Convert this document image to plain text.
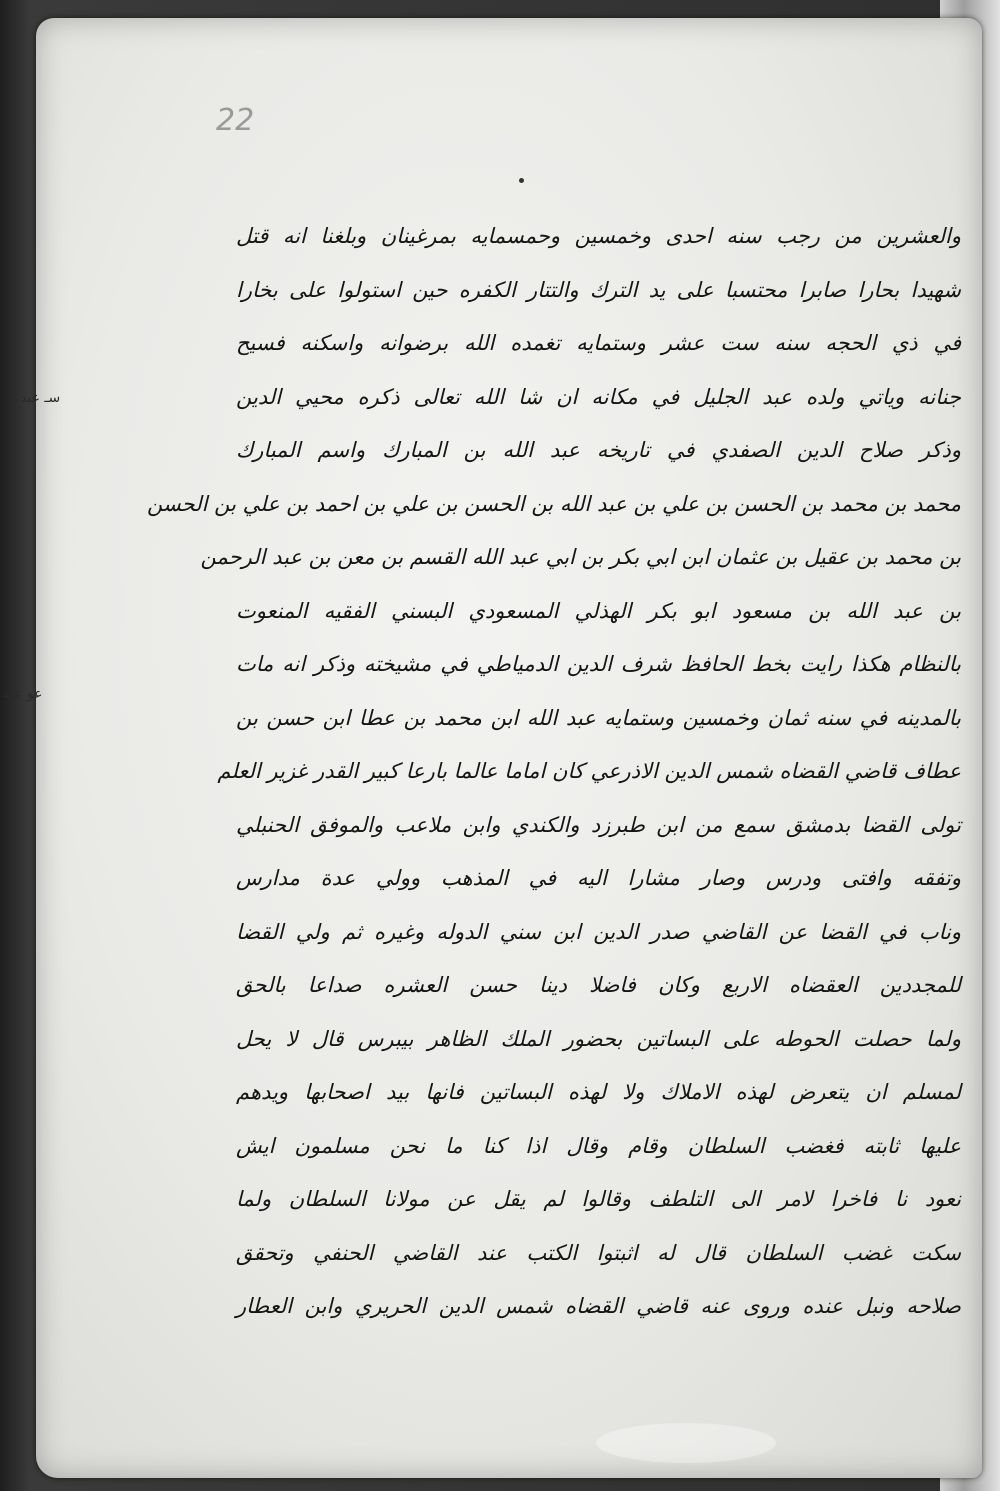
22
والعشرين من رجب سنه احدى وخمسين وحمسمايه بمرغينان وبلغنا انه قتل
شهيدا بحارا صابرا محتسبا على يد الترك والتتار الكفره حين استولوا على بخارا
في ذي الحجه سنه ست عشر وستمايه تغمده الله برضوانه واسكنه فسيح
جنانه وياتي ولده عبد الجليل في مكانه ان شا الله تعالى ذكره محيي الدين
وذكر صلاح الدين الصفدي في تاريخه عبد الله بن المبارك واسم المبارك
محمد بن محمد بن الحسن بن علي بن عبد الله بن الحسن بن علي بن احمد بن علي بن الحسن
بن محمد بن عقيل بن عثمان ابن ابي بكر بن ابي عبد الله القسم بن معن بن عبد الرحمن
بن عبد الله بن مسعود ابو بكر الهذلي المسعودي البسني الفقيه المنعوت
بالنظام هكذا رايت بخط الحافظ شرف الدين الدمياطي في مشيخته وذكر انه مات
بالمدينه في سنه ثمان وخمسين وستمايه عبد الله ابن محمد بن عطا ابن حسن بن
عطاف قاضي القضاه شمس الدين الاذرعي كان اماما عالما بارعا كبير القدر غزير العلم
تولى القضا بدمشق سمع من ابن طبرزد والكندي وابن ملاعب والموفق الحنبلي
وتفقه وافتى ودرس وصار مشارا اليه في المذهب وولي عدة مدارس
وناب في القضا عن القاضي صدر الدين ابن سني الدوله وغيره ثم ولي القضا
للمجددين العقضاه الاربع وكان فاضلا دينا حسن العشره صداعا بالحق
ولما حصلت الحوطه على البساتين بحضور الملك الظاهر بيبرس قال لا يحل
لمسلم ان يتعرض لهذه الاملاك ولا لهذه البساتين فانها بيد اصحابها ويدهم
عليها ثابته فغضب السلطان وقام وقال اذا كنا ما نحن مسلمون ايش
نعود نا فاخرا لامر الى التلطف وقالوا لم يقل عن مولانا السلطان ولما
سكت غضب السلطان قال له اثبتوا الكتب عند القاضي الحنفي وتحقق
صلاحه ونبل عنده وروى عنه قاضي القضاه شمس الدين الحريري وابن العطار
سـ عبد
عو عله
